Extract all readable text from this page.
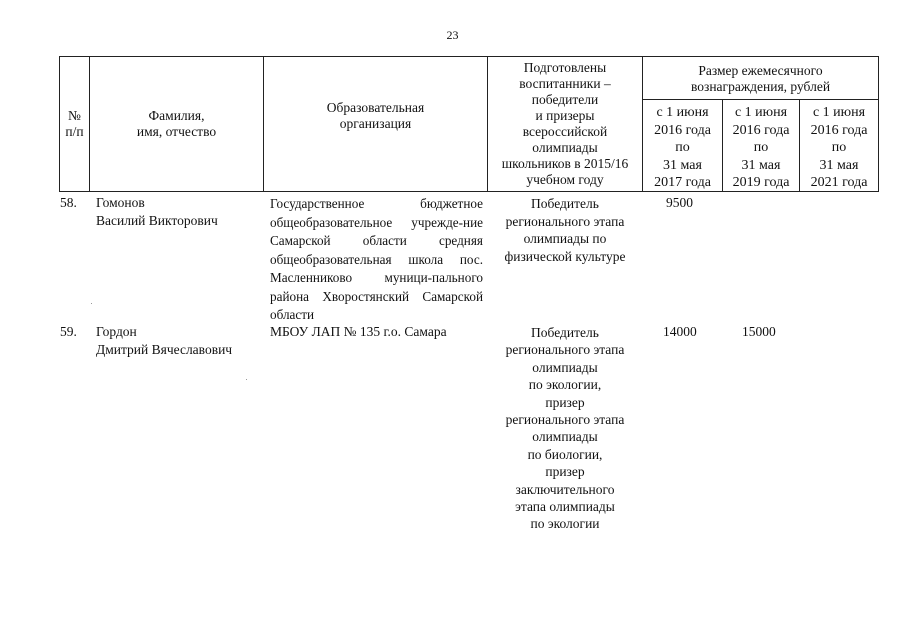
23
№
п/п
Фамилия,
имя, отчество
Образовательная
организация
Подготовлены
воспитанники –
победители
и призеры
всероссийской
олимпиады
школьников в 2015/16
учебном году
Размер ежемесячного
вознаграждения, рублей
с 1 июня
2016 года
по
31 мая
2017 года
с 1 июня
2016 года
по
31 мая
2019 года
с 1 июня
2016 года
по
31 мая
2021 года
58. Гомонов
Василий Викторович
Государственное бюджетное общеобразовательное учрежде-ние Самарской области средняя общеобразовательная школа пос. Масленниково муници-пального района Хворостянский Самарской области
Победитель
регионального этапа
олимпиады по
физической культуре
9500
59. Гордон
Дмитрий Вячеславович
МБОУ ЛАП № 135 г.о. Самара	Победитель
регионального этапа
олимпиады
по экологии,
призер
регионального этапа
олимпиады
по биологии,
призер
заключительного
этапа олимпиады
по экологии
14000	15000
